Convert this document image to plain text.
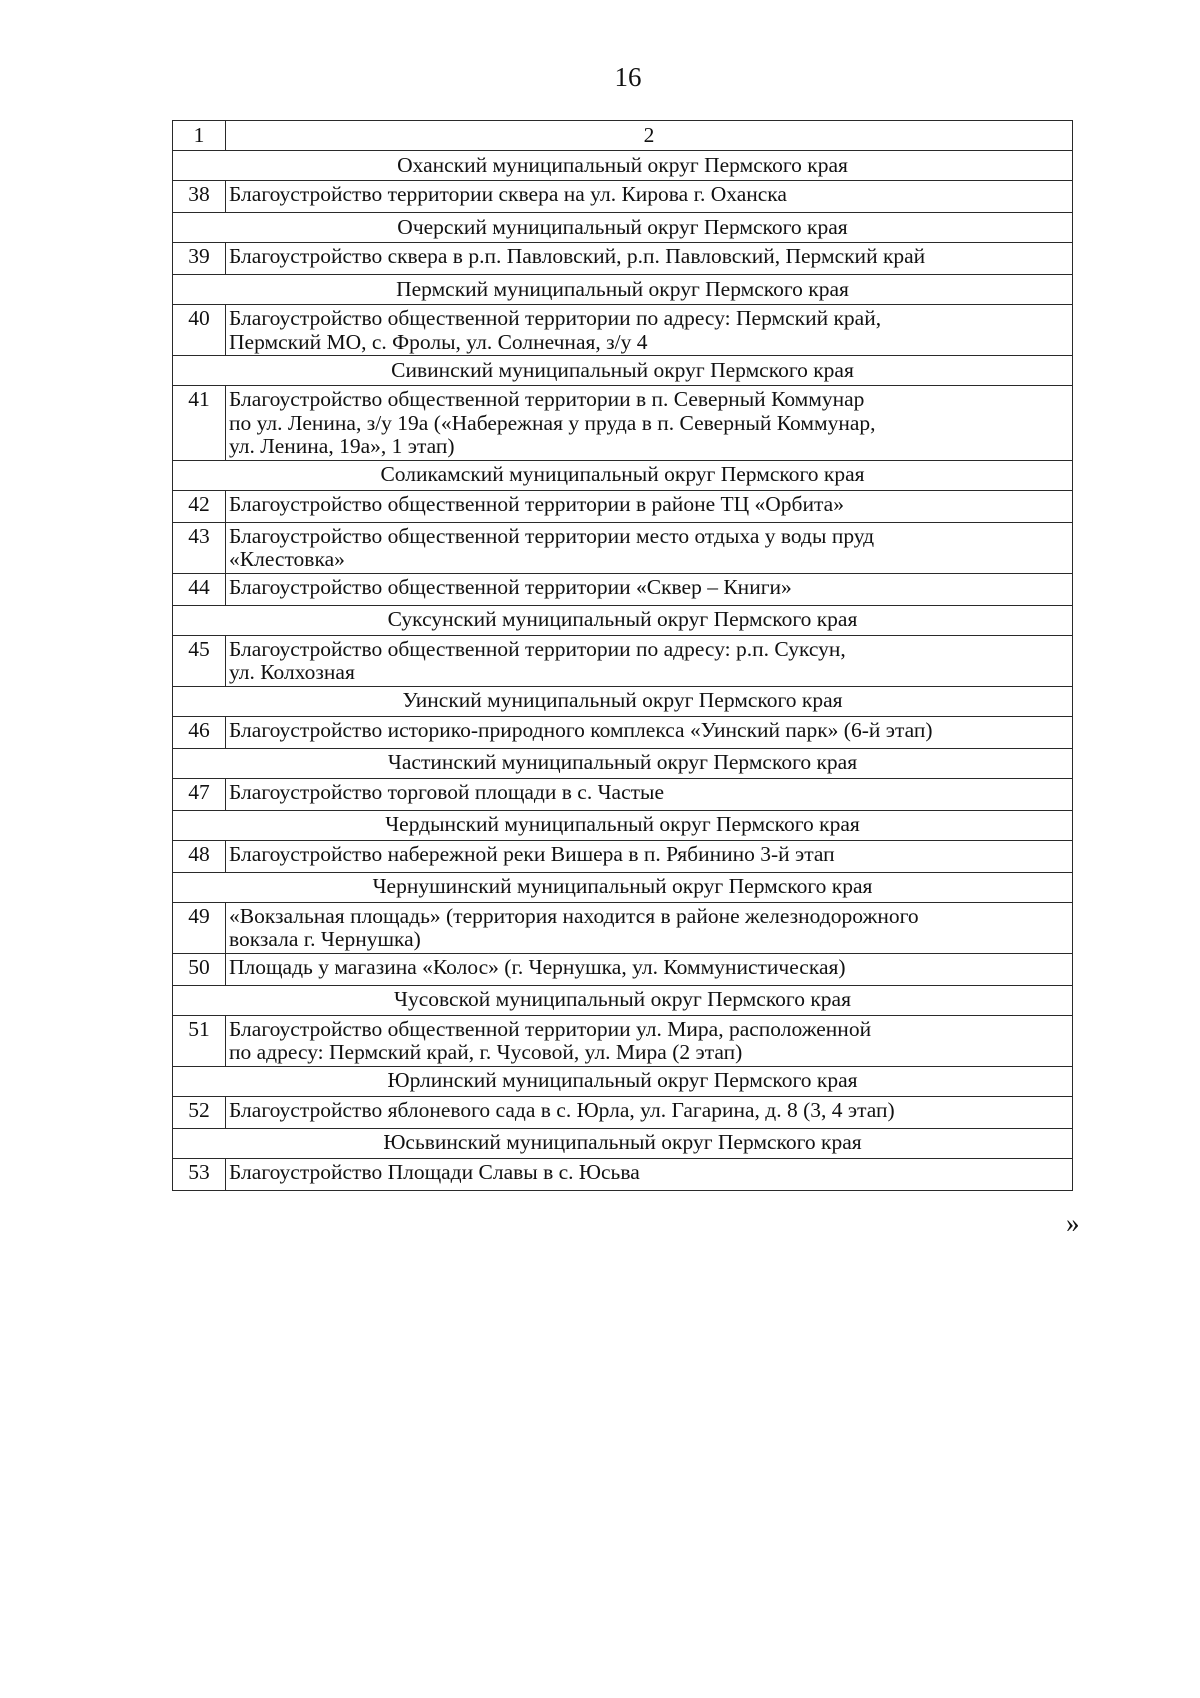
16
1	2
Оханский муниципальный округ Пермского края	
38	Благоустройство территории сквера на ул. Кирова г. Оханска

Очерский муниципальный округ Пермского края	
39	Благоустройство сквера в р.п. Павловский, р.п. Павловский, Пермский край

Пермский муниципальный округ Пермского края	
40	Благоустройство общественной территории по адресу: Пермский край,
Пермский МО, с. Фролы, ул. Солнечная, з/у 4

Сивинский муниципальный округ Пермского края	
41	Благоустройство общественной территории в п. Северный Коммунар
по ул. Ленина, з/у 19а («Набережная у пруда в п. Северный Коммунар,
ул. Ленина, 19а», 1 этап)

Соликамский муниципальный округ Пермского края	
42	Благоустройство общественной территории в районе ТЦ «Орбита»

43	Благоустройство общественной территории место отдыха у воды пруд
«Клестовка»

44	Благоустройство общественной территории «Сквер – Книги»

Суксунский муниципальный округ Пермского края	
45	Благоустройство общественной территории по адресу: р.п. Суксун,
ул. Колхозная

Уинский муниципальный округ Пермского края	
46	Благоустройство историко-природного комплекса «Уинский парк» (6-й этап)

Частинский муниципальный округ Пермского края	
47	Благоустройство торговой площади в с. Частые

Чердынский муниципальный округ Пермского края	
48	Благоустройство набережной реки Вишера в п. Рябинино 3-й этап

Чернушинский муниципальный округ Пермского края	
49	«Вокзальная площадь» (территория находится в районе железнодорожного
вокзала г. Чернушка)

50	Площадь у магазина «Колос» (г. Чернушка, ул. Коммунистическая)

Чусовской муниципальный округ Пермского края	
51	Благоустройство общественной территории ул. Мира, расположенной
по адресу: Пермский край, г. Чусовой, ул. Мира (2 этап)

Юрлинский муниципальный округ Пермского края	
52	Благоустройство яблоневого сада в с. Юрла, ул. Гагарина, д. 8 (3, 4 этап)

Юсьвинский муниципальный округ Пермского края	
53	Благоустройство Площади Славы в с. Юсьва
»
